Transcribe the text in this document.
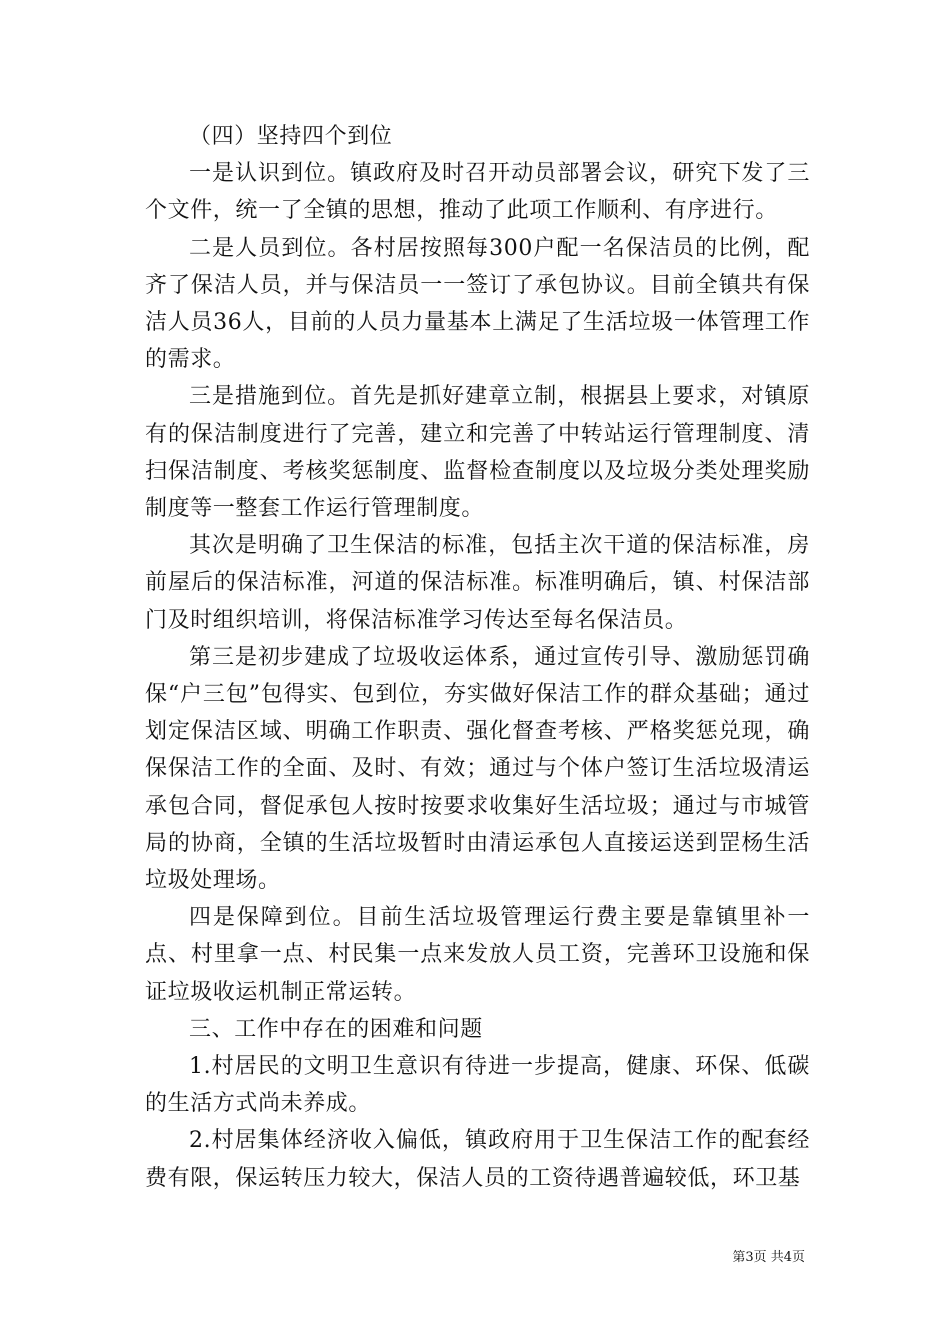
（四）坚持四个到位

一是认识到位。镇政府及时召开动员部署会议，研究下发了三个文件，统一了全镇的思想，推动了此项工作顺利、有序进行。

二是人员到位。各村居按照每300户配一名保洁员的比例，配齐了保洁人员，并与保洁员一一签订了承包协议。目前全镇共有保洁人员36人，目前的人员力量基本上满足了生活垃圾一体管理工作的需求。

三是措施到位。首先是抓好建章立制，根据县上要求，对镇原有的保洁制度进行了完善，建立和完善了中转站运行管理制度、清扫保洁制度、考核奖惩制度、监督检查制度以及垃圾分类处理奖励制度等一整套工作运行管理制度。

其次是明确了卫生保洁的标准，包括主次干道的保洁标准，房前屋后的保洁标准，河道的保洁标准。标准明确后，镇、村保洁部门及时组织培训，将保洁标准学习传达至每名保洁员。

第三是初步建成了垃圾收运体系，通过宣传引导、激励惩罚确保“户三包”包得实、包到位，夯实做好保洁工作的群众基础；通过划定保洁区域、明确工作职责、强化督查考核、严格奖惩兑现，确保保洁工作的全面、及时、有效；通过与个体户签订生活垃圾清运承包合同，督促承包人按时按要求收集好生活垃圾；通过与市城管局的协商，全镇的生活垃圾暂时由清运承包人直接运送到罡杨生活垃圾处理场。

四是保障到位。目前生活垃圾管理运行费主要是靠镇里补一点、村里拿一点、村民集一点来发放人员工资，完善环卫设施和保证垃圾收运机制正常运转。

三、工作中存在的困难和问题

1.村居民的文明卫生意识有待进一步提高，健康、环保、低碳的生活方式尚未养成。

2.村居集体经济收入偏低，镇政府用于卫生保洁工作的配套经费有限，保运转压力较大，保洁人员的工资待遇普遍较低，环卫基

第3页 共4页
